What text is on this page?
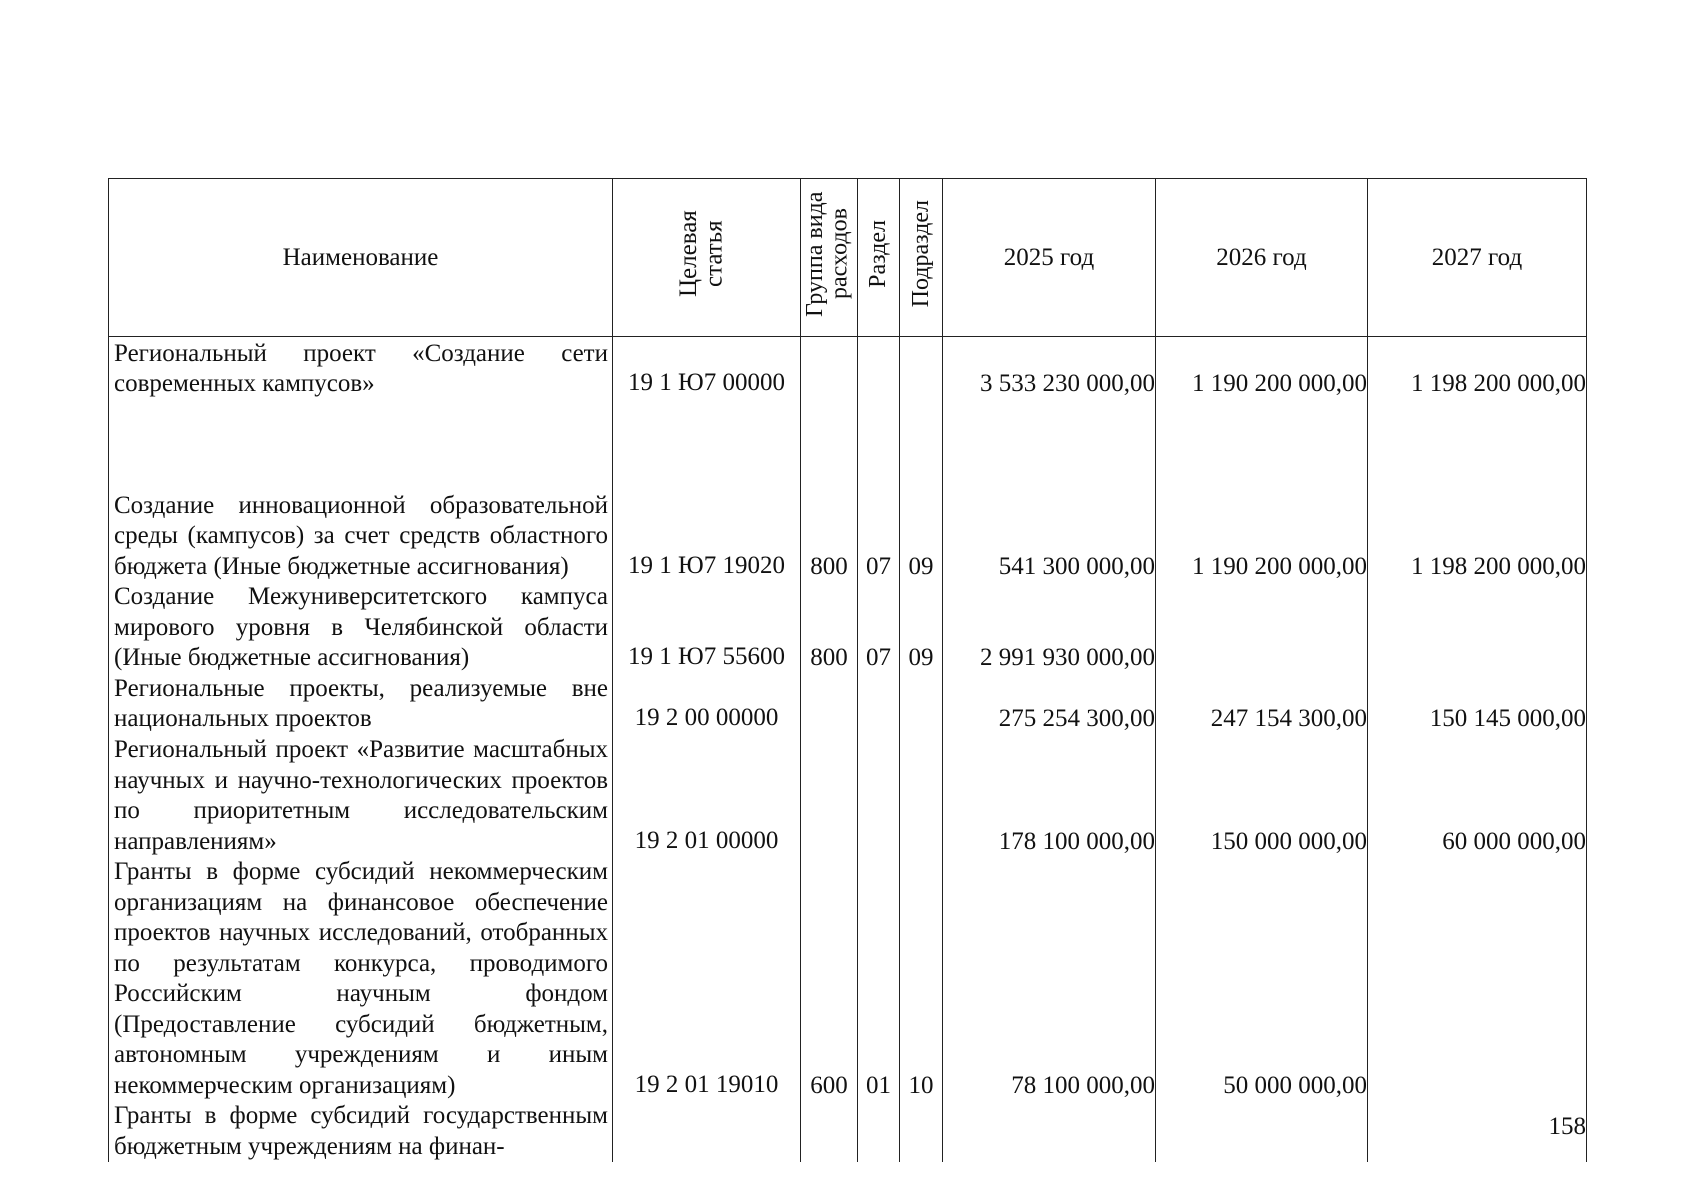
Наименование	Целевая статья	Группа вида расходов	Раздел	Подраздел	2025 год	2026 год	2027 год
Региональный проект «Создание сети современных кампусов»	19 1 Ю7 00000				3 533 230 000,00	1 190 200 000,00	1 198 200 000,00
Создание инновационной образовательной среды (кампусов) за счет средств областного бюджета (Иные бюджетные ассигнования)	19 1 Ю7 19020	800	07	09	541 300 000,00	1 190 200 000,00	1 198 200 000,00
Создание Межуниверситетского кампуса мирового уровня в Челябинской области (Иные бюджетные ассигнования)	19 1 Ю7 55600	800	07	09	2 991 930 000,00		
Региональные проекты, реализуемые вне национальных проектов	19 2 00 00000				275 254 300,00	247 154 300,00	150 145 000,00
Региональный проект «Развитие масштабных научных и научно-технологических проектов по приоритетным исследовательским направлениям»	19 2 01 00000				178 100 000,00	150 000 000,00	60 000 000,00
Гранты в форме субсидий некоммерческим организациям на финансовое обеспечение проектов научных исследований, отобранных по результатам конкурса, проводимого Российским научным фондом (Предоставление субсидий бюджетным, автономным учреждениям и иным некоммерческим организациям)	19 2 01 19010	600	01	10	78 100 000,00	50 000 000,00	
Гранты в форме субсидий государственным бюджетным учреждениям на финан-							
158
